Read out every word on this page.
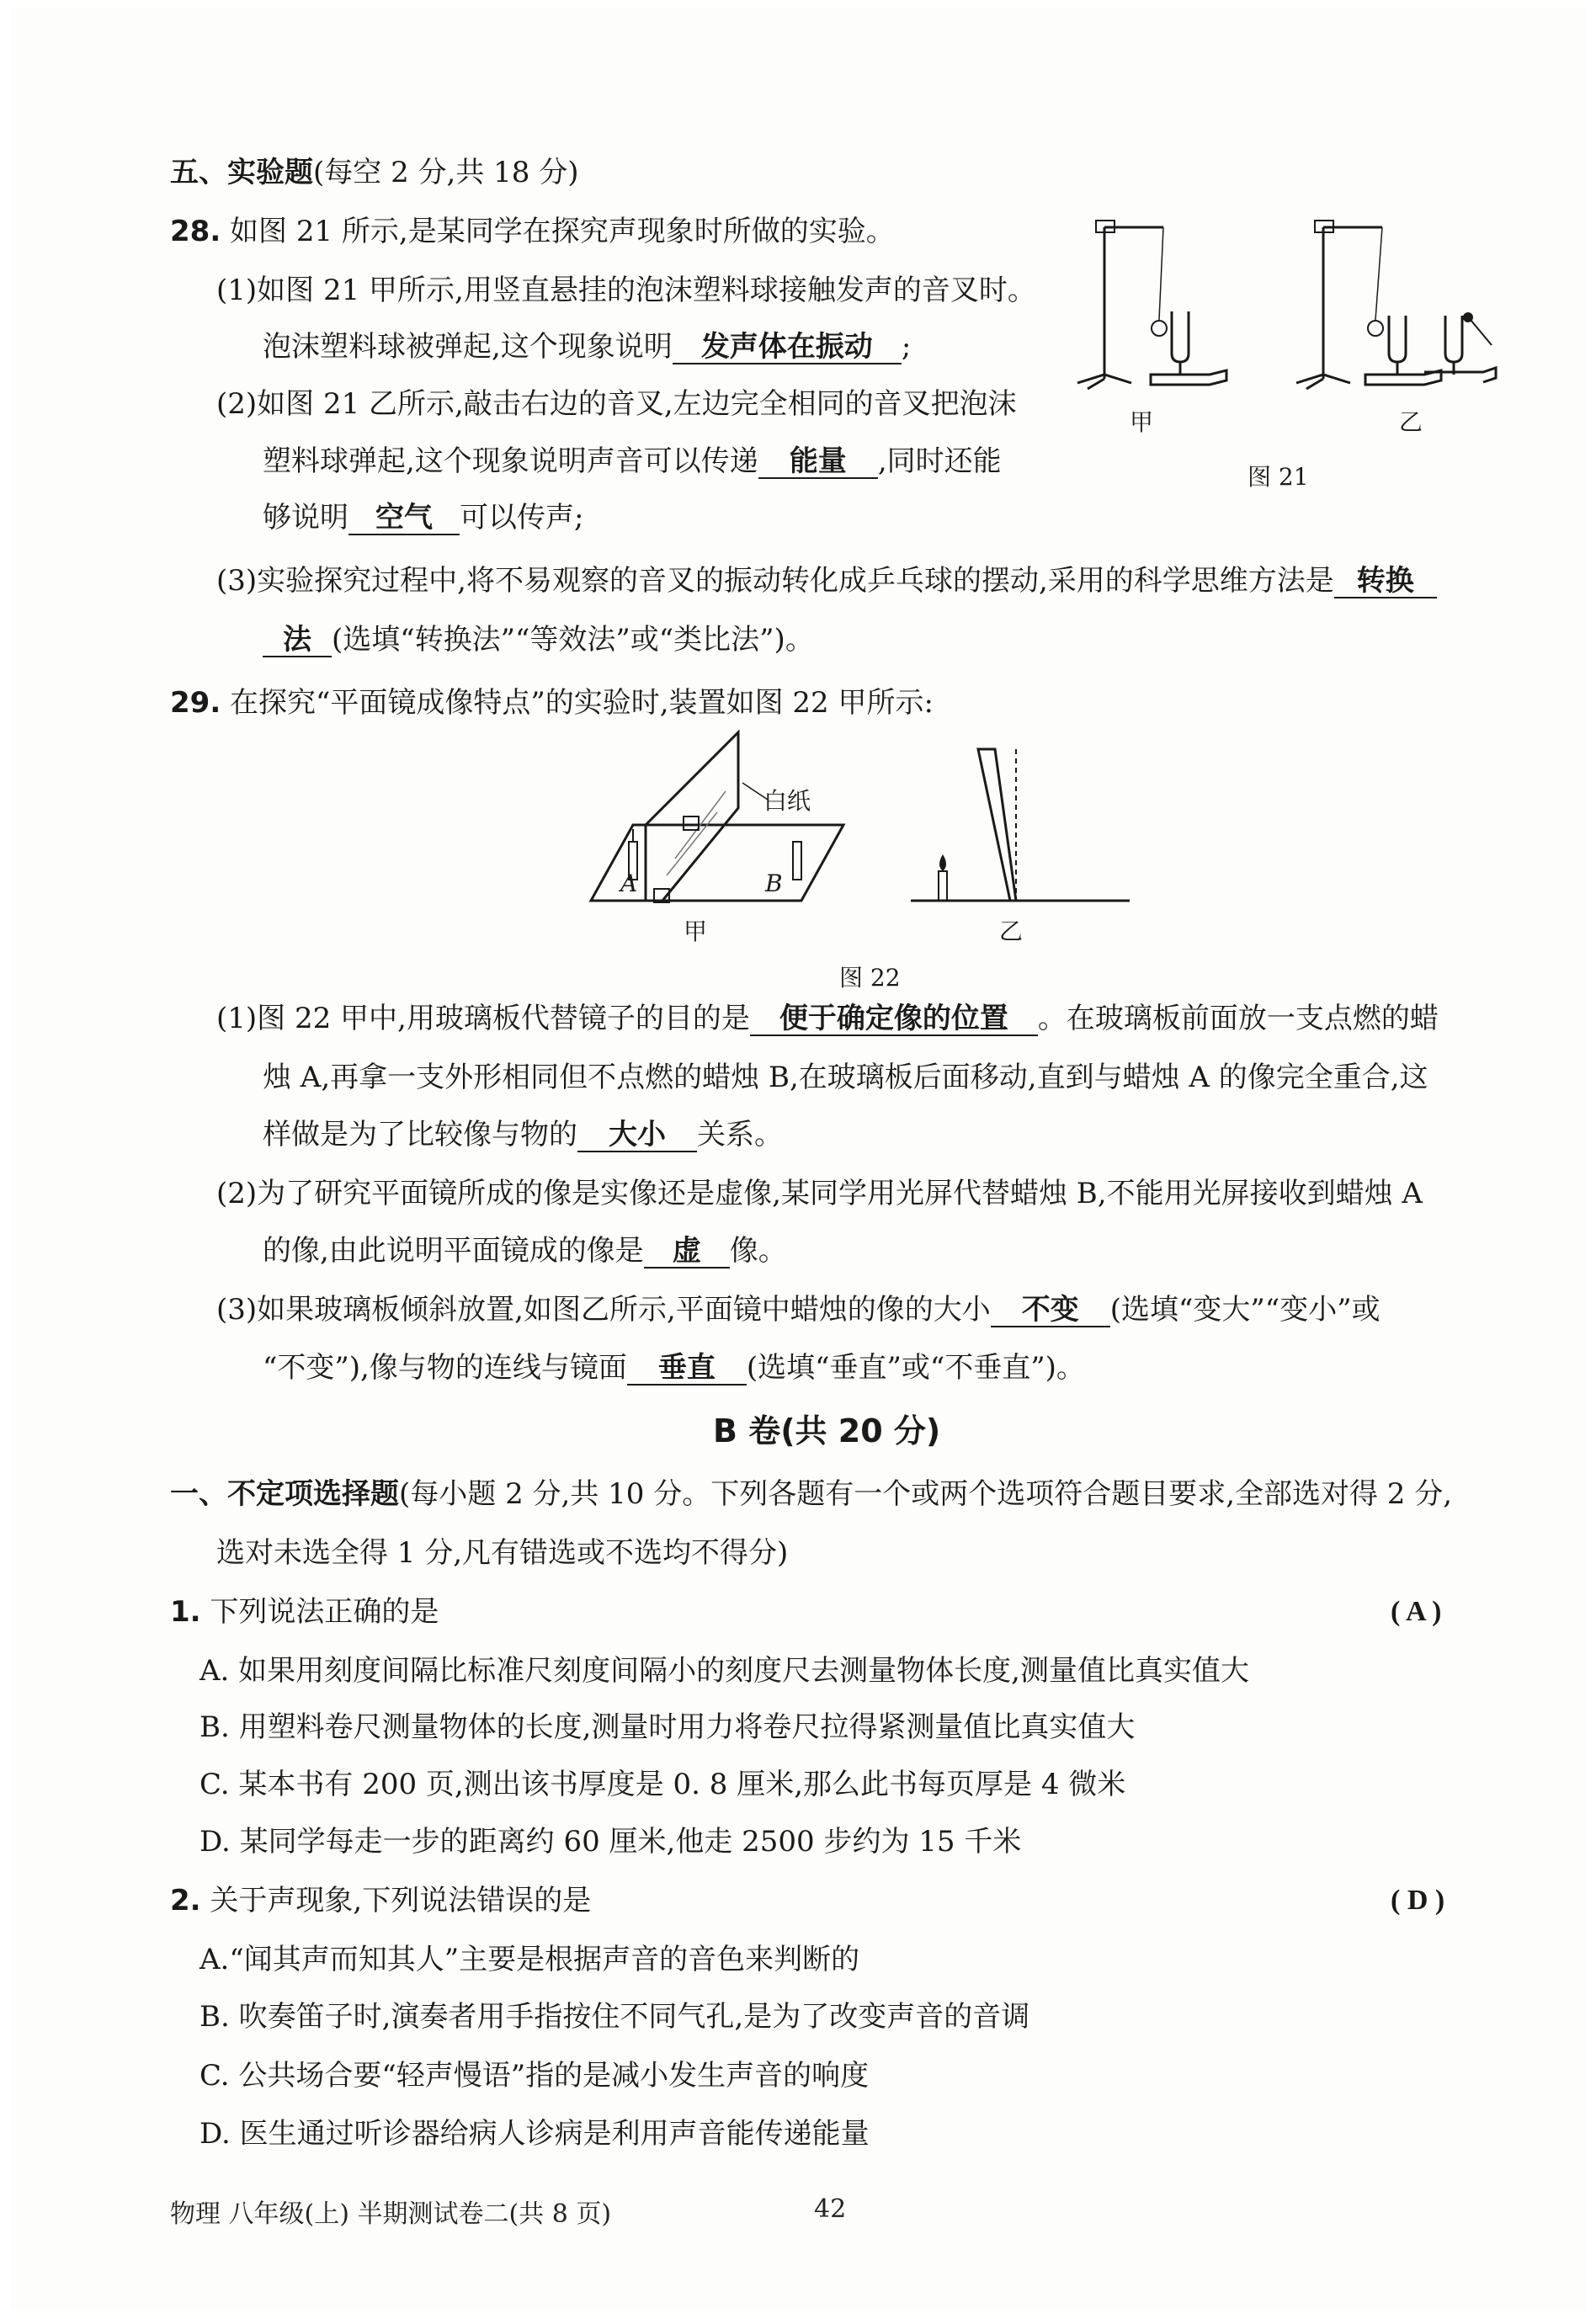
五、实验题(每空 2 分,共 18 分)
28. 如图 21 所示,是某同学在探究声现象时所做的实验。
(1)如图 21 甲所示,用竖直悬挂的泡沫塑料球接触发声的音叉时。
泡沫塑料球被弹起,这个现象说明 发声体在振动 ;
(2)如图 21 乙所示,敲击右边的音叉,左边完全相同的音叉把泡沫
塑料球弹起,这个现象说明声音可以传递 能量 ,同时还能
够说明 空气 可以传声;
(3)实验探究过程中,将不易观察的音叉的振动转化成乒乓球的摆动,采用的科学思维方法是 转换
法 (选填“转换法”“等效法”或“类比法”)。
甲	乙
图 21
29. 在探究“平面镜成像特点”的实验时,装置如图 22 甲所示:
白纸
A	B
甲	乙
图 22
(1)图 22 甲中,用玻璃板代替镜子的目的是 便于确定像的位置 。在玻璃板前面放一支点燃的蜡
烛 A,再拿一支外形相同但不点燃的蜡烛 B,在玻璃板后面移动,直到与蜡烛 A 的像完全重合,这
样做是为了比较像与物的 大小 关系。
(2)为了研究平面镜所成的像是实像还是虚像,某同学用光屏代替蜡烛 B,不能用光屏接收到蜡烛 A
的像,由此说明平面镜成的像是 虚 像。
(3)如果玻璃板倾斜放置,如图乙所示,平面镜中蜡烛的像的大小 不变 (选填“变大”“变小”或
“不变”),像与物的连线与镜面 垂直 (选填“垂直”或“不垂直”)。
B 卷(共 20 分)
一、不定项选择题(每小题 2 分,共 10 分。下列各题有一个或两个选项符合题目要求,全部选对得 2 分,
选对未选全得 1 分,凡有错选或不选均不得分)
1. 下列说法正确的是	( A )
A. 如果用刻度间隔比标准尺刻度间隔小的刻度尺去测量物体长度,测量值比真实值大
B. 用塑料卷尺测量物体的长度,测量时用力将卷尺拉得紧测量值比真实值大
C. 某本书有 200 页,测出该书厚度是 0. 8 厘米,那么此书每页厚是 4 微米
D. 某同学每走一步的距离约 60 厘米,他走 2500 步约为 15 千米
2. 关于声现象,下列说法错误的是	( D )
A.“闻其声而知其人”主要是根据声音的音色来判断的
B. 吹奏笛子时,演奏者用手指按住不同气孔,是为了改变声音的音调
C. 公共场合要“轻声慢语”指的是减小发生声音的响度
D. 医生通过听诊器给病人诊病是利用声音能传递能量
物理 八年级(上) 半期测试卷二(共 8 页)	42
